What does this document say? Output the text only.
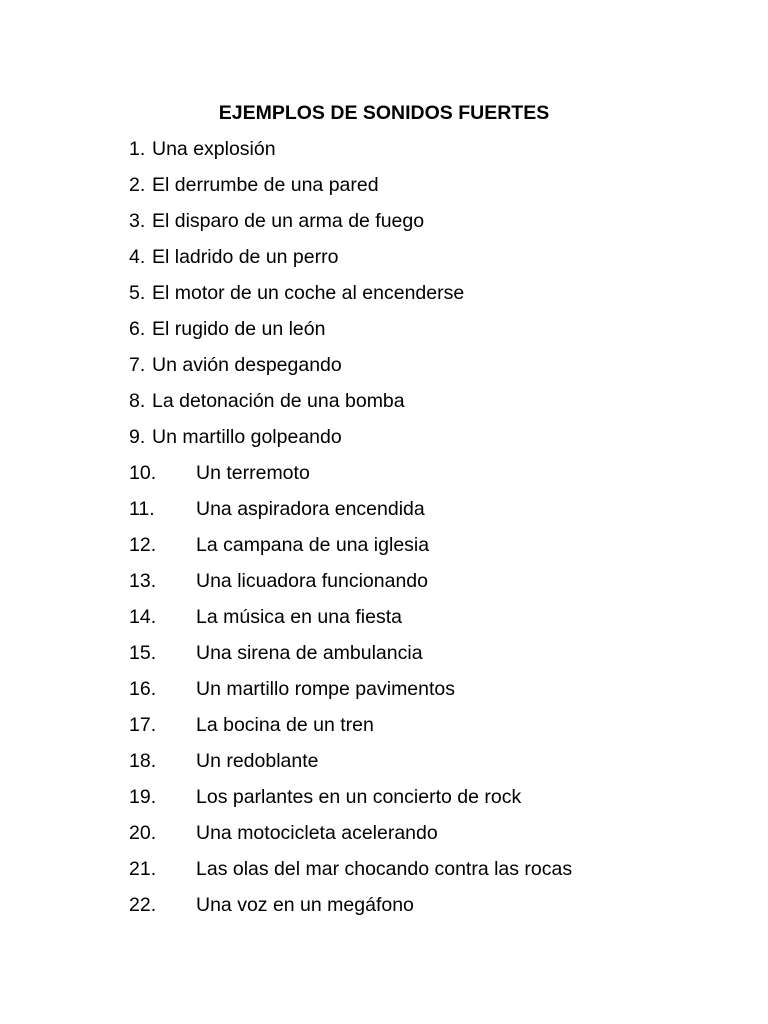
EJEMPLOS DE SONIDOS FUERTES
1. Una explosión
2. El derrumbe de una pared
3. El disparo de un arma de fuego
4. El ladrido de un perro
5. El motor de un coche al encenderse
6. El rugido de un león
7. Un avión despegando
8. La detonación de una bomba
9. Un martillo golpeando
10. Un terremoto
11. Una aspiradora encendida
12. La campana de una iglesia
13. Una licuadora funcionando
14. La música en una fiesta
15. Una sirena de ambulancia
16. Un martillo rompe pavimentos
17. La bocina de un tren
18. Un redoblante
19. Los parlantes en un concierto de rock
20. Una motocicleta acelerando
21. Las olas del mar chocando contra las rocas
22. Una voz en un megáfono
